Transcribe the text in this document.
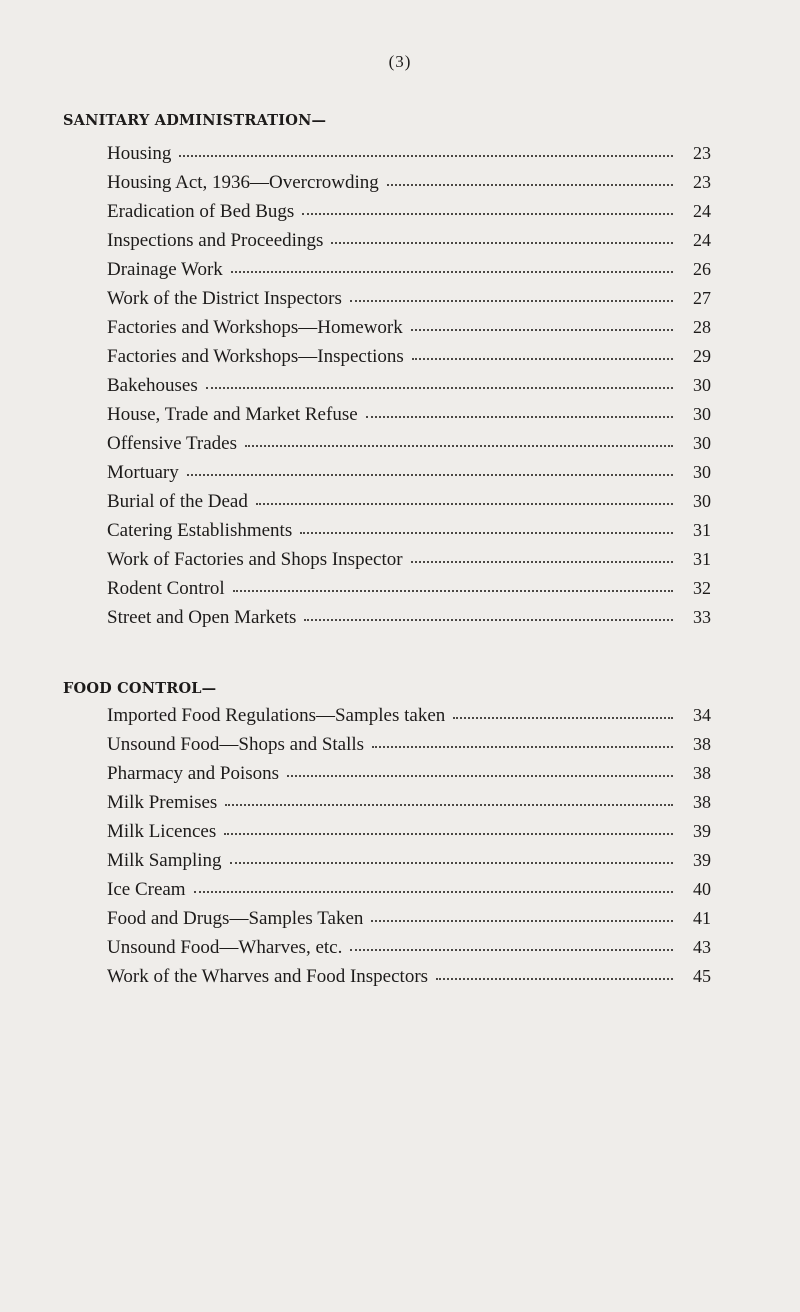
(3)
SANITARY ADMINISTRATION—
Housing	23
Housing Act, 1936—Overcrowding	23
Eradication of Bed Bugs	24
Inspections and Proceedings	24
Drainage Work	26
Work of the District Inspectors	27
Factories and Workshops—Homework	28
Factories and Workshops—Inspections	29
Bakehouses	30
House, Trade and Market Refuse	30
Offensive Trades	30
Mortuary	30
Burial of the Dead	30
Catering Establishments	31
Work of Factories and Shops Inspector	31
Rodent Control	32
Street and Open Markets	33
FOOD CONTROL—
Imported Food Regulations—Samples taken	34
Unsound Food—Shops and Stalls	38
Pharmacy and Poisons	38
Milk Premises	38
Milk Licences	39
Milk Sampling	39
Ice Cream	40
Food and Drugs—Samples Taken	41
Unsound Food—Wharves, etc.	43
Work of the Wharves and Food Inspectors	45
